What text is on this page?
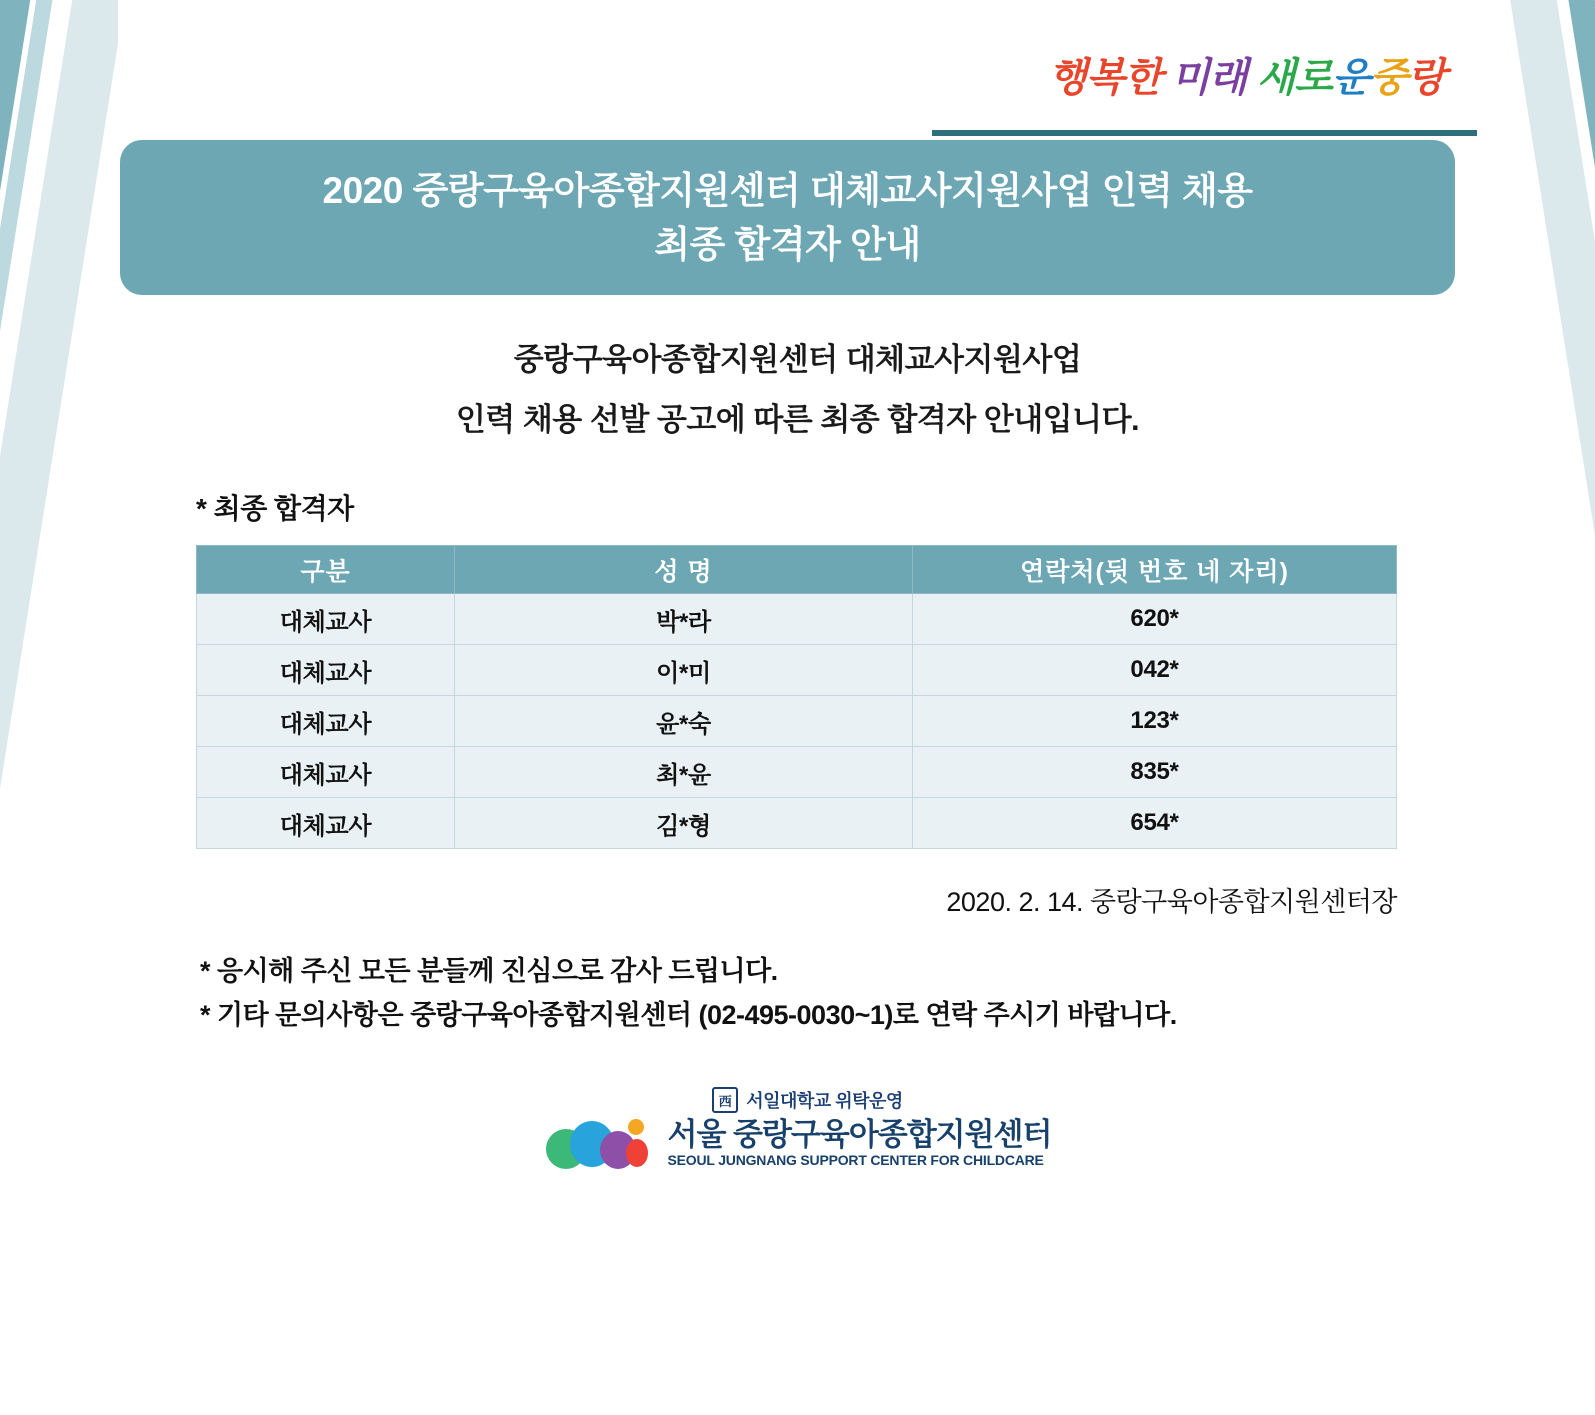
행복한 미래 새로운중랑
2020 중랑구육아종합지원센터 대체교사지원사업 인력 채용
최종 합격자 안내
중랑구육아종합지원센터 대체교사지원사업
인력 채용 선발 공고에 따른 최종 합격자 안내입니다.
* 최종 합격자
구분	성 명	연락처(뒷 번호 네 자리)
대체교사	박*라	620*
대체교사	이*미	042*
대체교사	윤*숙	123*
대체교사	최*윤	835*
대체교사	김*형	654*
2020. 2. 14. 중랑구육아종합지원센터장
* 응시해 주신 모든 분들께 진심으로 감사 드립니다.
* 기타 문의사항은 중랑구육아종합지원센터 (02-495-0030~1)로 연락 주시기 바랍니다.
西 서일대학교 위탁운영
서울 중랑구육아종합지원센터
SEOUL JUNGNANG SUPPORT CENTER FOR CHILDCARE
